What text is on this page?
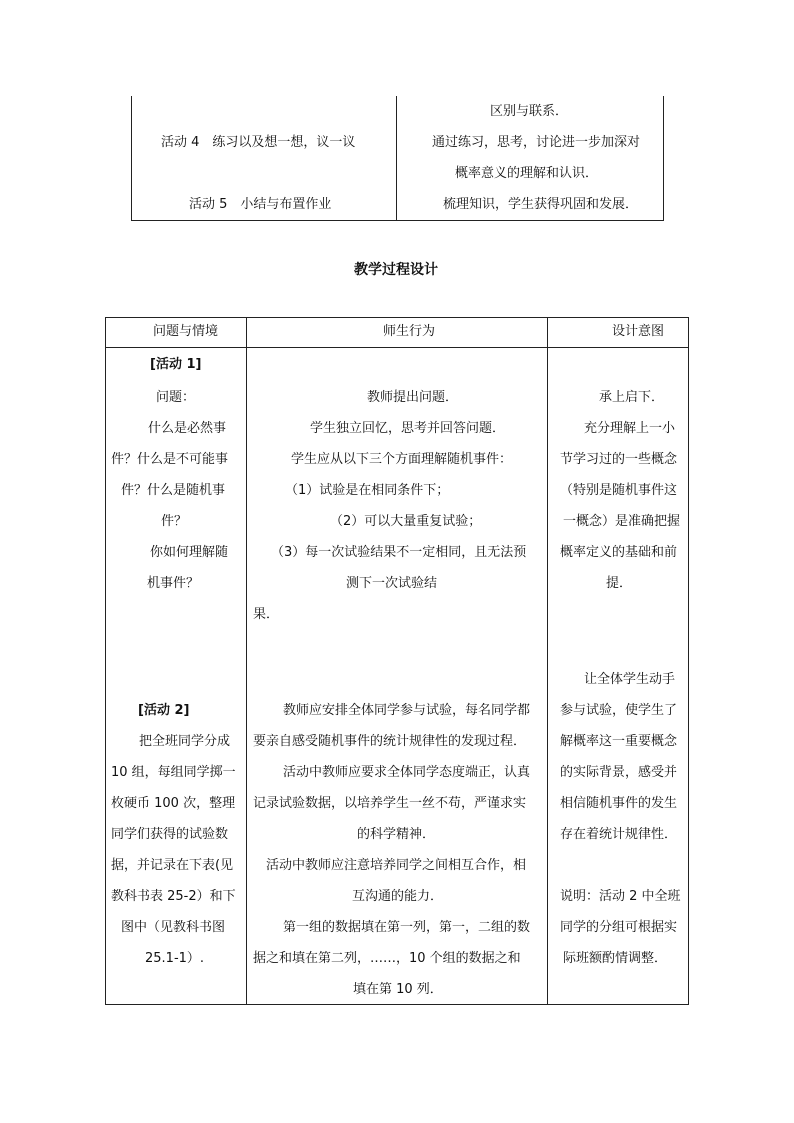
活动 4　练习以及想一想，议一议
活动 5　小结与布置作业
区别与联系．
通过练习，思考，讨论进一步加深对
概率意义的理解和认识．
梳理知识，学生获得巩固和发展．
教学过程设计
问题与情境	师生行为	设计意图
[活动 1]
问题：
什么是必然事
件？什么是不可能事
件？什么是随机事
件？
你如何理解随
机事件？
[活动 2]
把全班同学分成
10 组，每组同学掷一
枚硬币 100 次，整理
同学们获得的试验数
据，并记录在下表(见
教科书表 25-2）和下
图中（见教科书图
25.1-1）.
教师提出问题．
学生独立回忆，思考并回答问题．
学生应从以下三个方面理解随机事件：
（1）试验是在相同条件下；
（2）可以大量重复试验；
（3）每一次试验结果不一定相同，且无法预
测下一次试验结
果．
教师应安排全体同学参与试验，每名同学都
要亲自感受随机事件的统计规律性的发现过程．
活动中教师应要求全体同学态度端正，认真
记录试验数据，以培养学生一丝不苟，严谨求实
的科学精神．
活动中教师应注意培养同学之间相互合作，相
互沟通的能力．
第一组的数据填在第一列，第一，二组的数
据之和填在第二列，……，10 个组的数据之和
填在第 10 列．
承上启下．
充分理解上一小
节学习过的一些概念
（特别是随机事件这
一概念）是准确把握
概率定义的基础和前
提．
让全体学生动手
参与试验，使学生了
解概率这一重要概念
的实际背景，感受并
相信随机事件的发生
存在着统计规律性．
说明：活动 2 中全班
同学的分组可根据实
际班额酌情调整．
